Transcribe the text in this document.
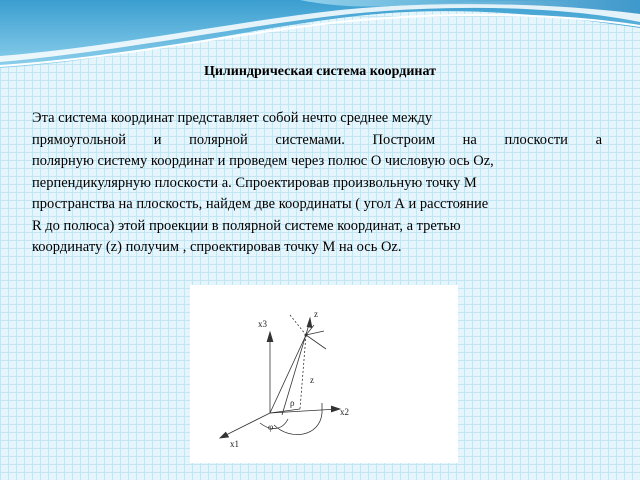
Цилиндрическая система координат
Эта система координат представляет собой нечто среднее между
прямоугольной и полярной системами. Построим на плоскости а
полярную систему координат и проведем через полюс О числовую ось Оz,
перпендикулярную плоскости а. Спроектировав произвольную точку М
пространства на плоскость, найдем две координаты ( угол А и расстояние
R до полюса) этой проекции в полярной системе координат, а третью
координату (z) получим , спроектировав точку М на ось Оz.
x3
z
z
ρ
φ
x2
x1
